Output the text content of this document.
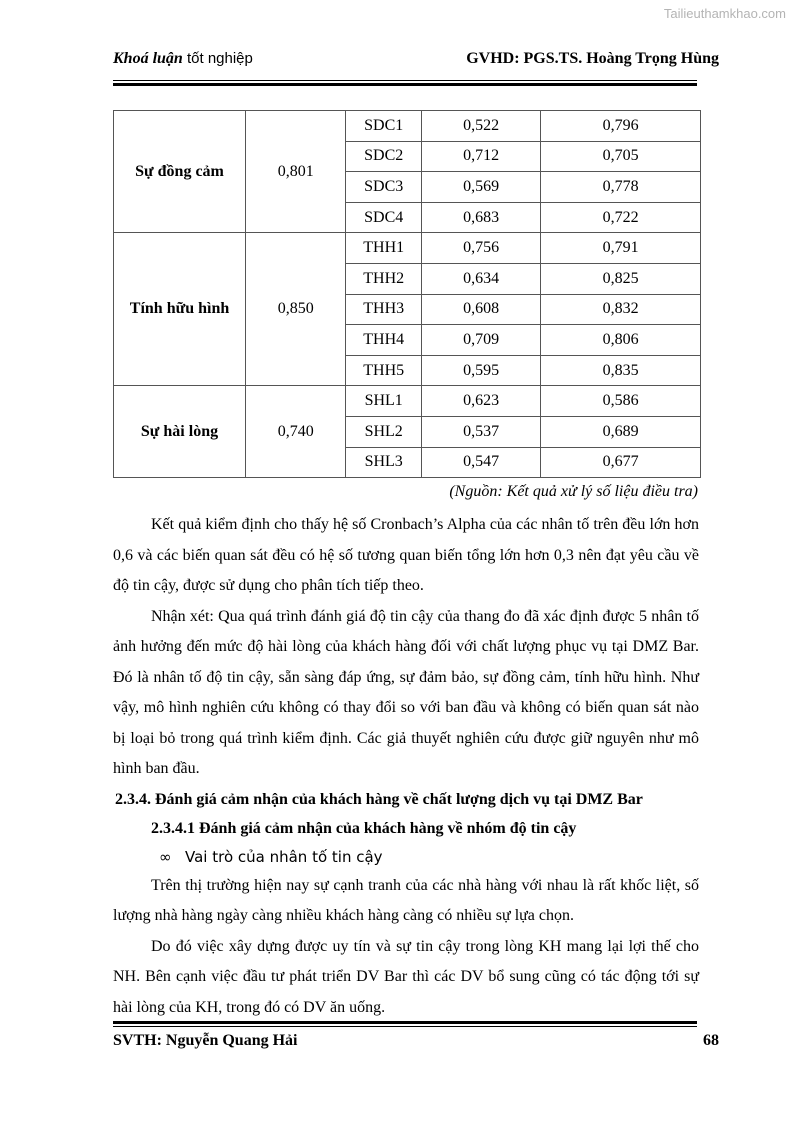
Tailieuthamkhao.com
Khoá luận tốt nghiệp	GVHD: PGS.TS. Hoàng Trọng Hùng
Sự đồng cảm	0,801	SDC1	0,522	0,796
		SDC2	0,712	0,705
		SDC3	0,569	0,778
		SDC4	0,683	0,722
Tính hữu hình	0,850	THH1	0,756	0,791
		THH2	0,634	0,825
		THH3	0,608	0,832
		THH4	0,709	0,806
		THH5	0,595	0,835
Sự hài lòng	0,740	SHL1	0,623	0,586
		SHL2	0,537	0,689
		SHL3	0,547	0,677
(Nguồn: Kết quả xử lý số liệu điều tra)

Kết quả kiểm định cho thấy hệ số Cronbach’s Alpha của các nhân tố trên đều lớn hơn 0,6 và các biến quan sát đều có hệ số tương quan biến tổng lớn hơn 0,3 nên đạt yêu cầu về độ tin cậy, được sử dụng cho phân tích tiếp theo.

Nhận xét: Qua quá trình đánh giá độ tin cậy của thang đo đã xác định được 5 nhân tố ảnh hưởng đến mức độ hài lòng của khách hàng đối với chất lượng phục vụ tại DMZ Bar. Đó là nhân tố độ tin cậy, sẵn sàng đáp ứng, sự đảm bảo, sự đồng cảm, tính hữu hình. Như vậy, mô hình nghiên cứu không có thay đổi so với ban đầu và không có biến quan sát nào bị loại bỏ trong quá trình kiểm định. Các giả thuyết nghiên cứu được giữ nguyên như mô hình ban đầu.

2.3.4. Đánh giá cảm nhận của khách hàng về chất lượng dịch vụ tại DMZ Bar

2.3.4.1 Đánh giá cảm nhận của khách hàng về nhóm độ tin cậy

∞ Vai trò của nhân tố tin cậy

Trên thị trường hiện nay sự cạnh tranh của các nhà hàng với nhau là rất khốc liệt, số lượng nhà hàng ngày càng nhiều khách hàng càng có nhiều sự lựa chọn.

Do đó việc xây dựng được uy tín và sự tin cậy trong lòng KH mang lại lợi thế cho NH. Bên cạnh việc đầu tư phát triển DV Bar thì các DV bổ sung cũng có tác động tới sự hài lòng của KH, trong đó có DV ăn uống.

SVTH: Nguyễn Quang Hải	68
